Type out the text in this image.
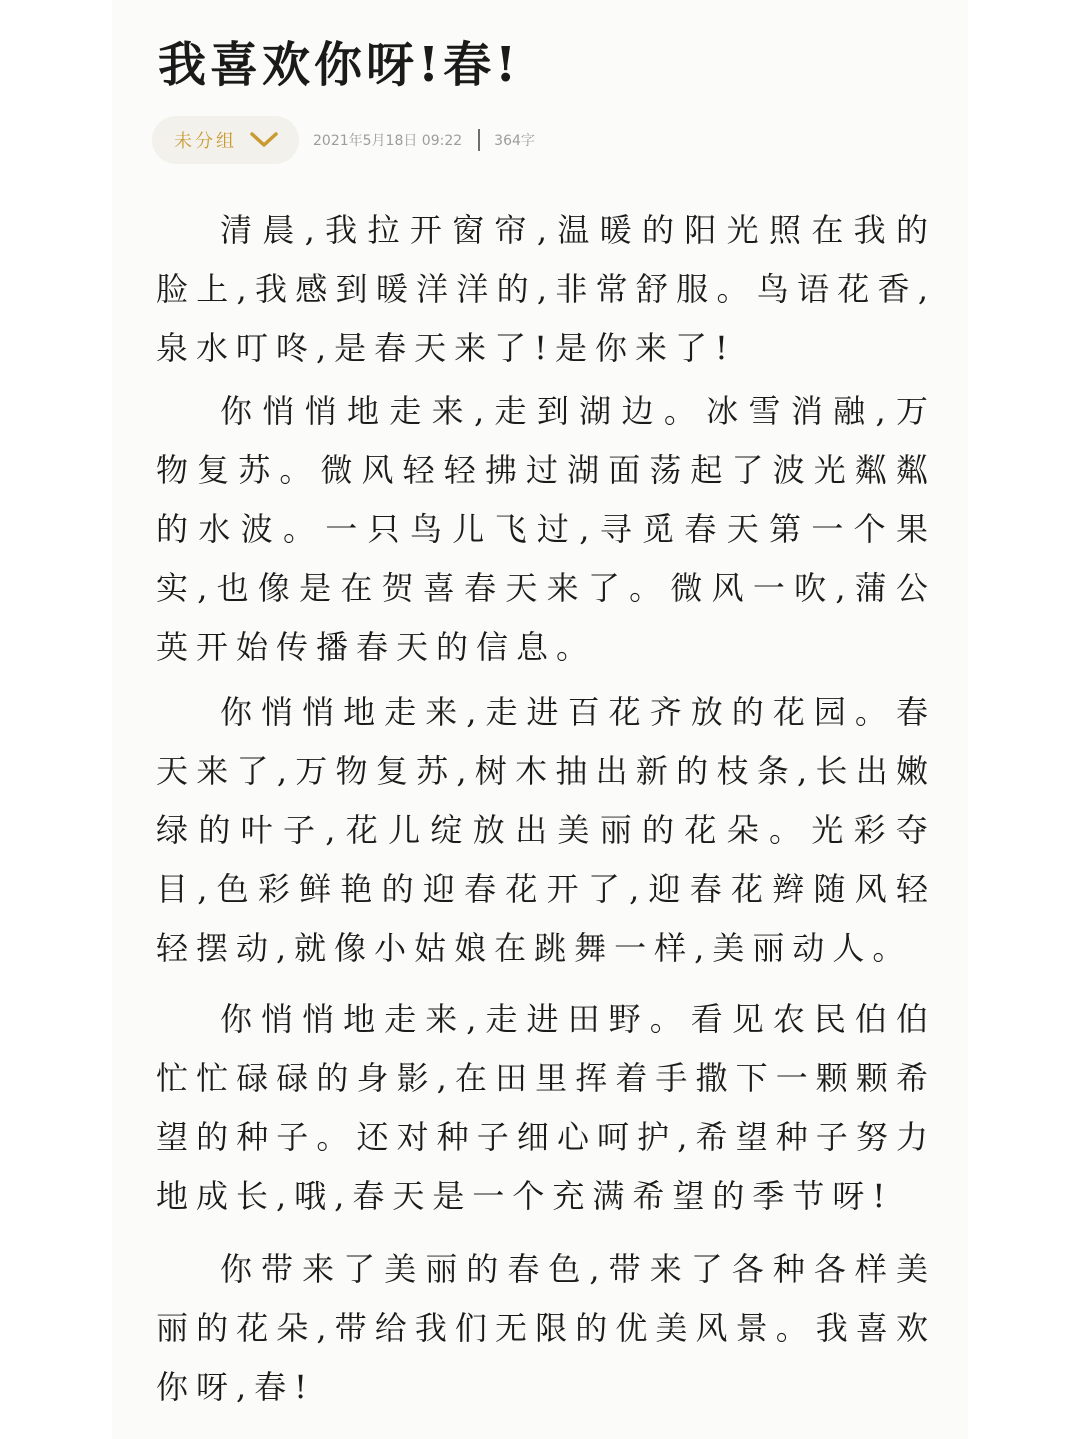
我喜欢你呀!春!
未分组	2021年5月18日 09:22 364字

清晨,我拉开窗帘,温暖的阳光照在我的脸上,我感到暖洋洋的,非常舒服。鸟语花香,泉水叮咚,是春天来了!是你来了!

你悄悄地走来,走到湖边。冰雪消融,万物复苏。微风轻轻拂过湖面荡起了波光粼粼的水波。一只鸟儿飞过,寻觅春天第一个果实,也像是在贺喜春天来了。微风一吹,蒲公英开始传播春天的信息。

你悄悄地走来,走进百花齐放的花园。春天来了,万物复苏,树木抽出新的枝条,长出嫩绿的叶子,花儿绽放出美丽的花朵。光彩夺目,色彩鲜艳的迎春花开了,迎春花辫随风轻轻摆动,就像小姑娘在跳舞一样,美丽动人。

你悄悄地走来,走进田野。看见农民伯伯忙忙碌碌的身影,在田里挥着手撒下一颗颗希望的种子。还对种子细心呵护,希望种子努力地成长,哦,春天是一个充满希望的季节呀!

你带来了美丽的春色,带来了各种各样美丽的花朵,带给我们无限的优美风景。我喜欢你呀,春!
